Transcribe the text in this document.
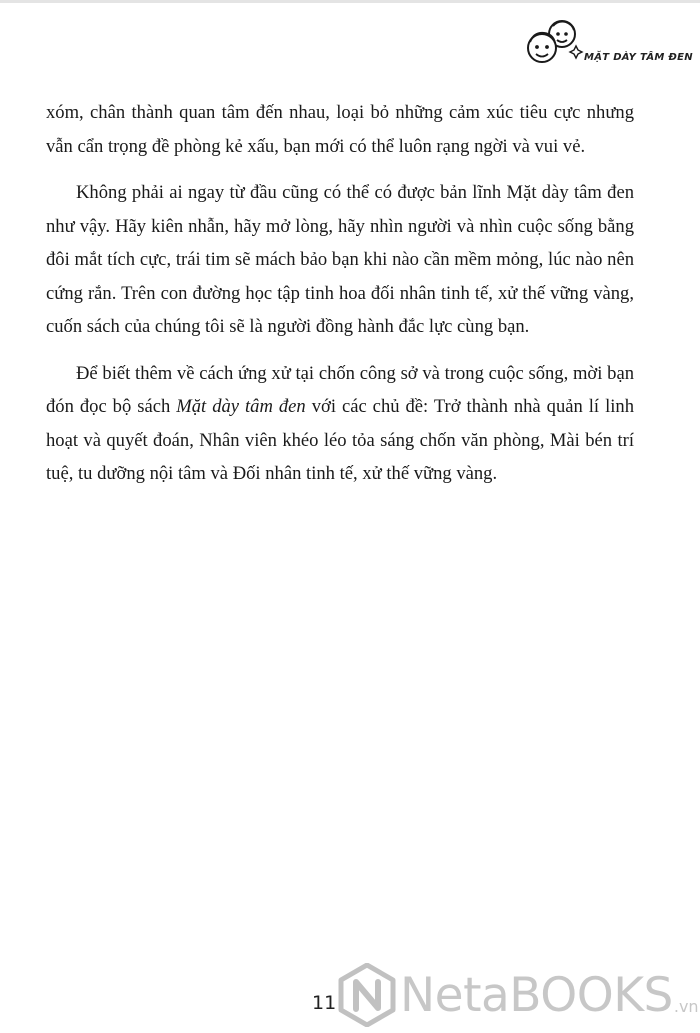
MẶT DÀY TÂM ĐEN

xóm, chân thành quan tâm đến nhau, loại bỏ những cảm xúc tiêu cực nhưng vẫn cẩn trọng đề phòng kẻ xấu, bạn mới có thể luôn rạng ngời và vui vẻ.

Không phải ai ngay từ đầu cũng có thể có được bản lĩnh Mặt dày tâm đen như vậy. Hãy kiên nhẫn, hãy mở lòng, hãy nhìn người và nhìn cuộc sống bằng đôi mắt tích cực, trái tim sẽ mách bảo bạn khi nào cần mềm mỏng, lúc nào nên cứng rắn. Trên con đường học tập tinh hoa đối nhân tinh tế, xử thế vững vàng, cuốn sách của chúng tôi sẽ là người đồng hành đắc lực cùng bạn.

Để biết thêm về cách ứng xử tại chốn công sở và trong cuộc sống, mời bạn đón đọc bộ sách Mặt dày tâm đen với các chủ đề: Trở thành nhà quản lí linh hoạt và quyết đoán, Nhân viên khéo léo tỏa sáng chốn văn phòng, Mài bén trí tuệ, tu dưỡng nội tâm và Đối nhân tinh tế, xử thế vững vàng.

11 NetaBOOKS .vn
